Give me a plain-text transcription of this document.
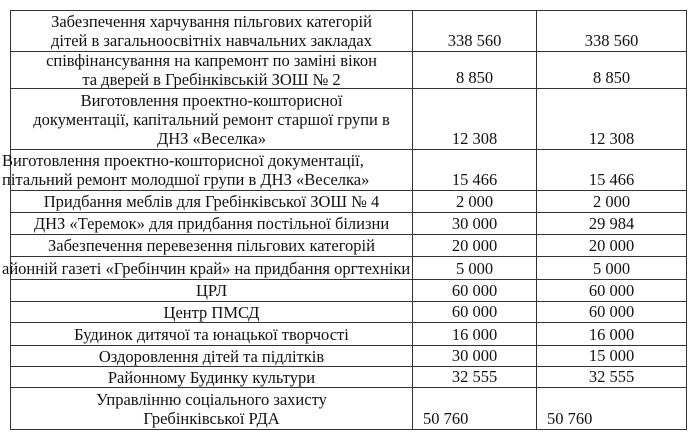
Забезпечення харчування пільгових категорій
дітей в загальноосвітніх навчальних закладах	338 560	338 560
співфінансування на капремонт по заміні вікон
та дверей в Гребінківській ЗОШ № 2	8 850	8 850
Виготовлення проектно-кошторисної
документації, капітальний ремонт старшої групи в
ДНЗ «Веселка»	12 308	12 308
Виготовлення проектно-кошторисної документації,
пітальний ремонт молодшої групи в ДНЗ «Веселка»	15 466	15 466
Придбання меблів для Гребінківської ЗОШ № 4	2 000	2 000
ДНЗ «Теремок» для придбання постільної білизни	30 000	29 984
Забезпечення перевезення пільгових категорій	20 000	20 000
айонній газеті «Гребінчин край» на придбання оргтехніки	5 000	5 000
ЦРЛ	60 000	60 000
Центр ПМСД	60 000	60 000
Будинок дитячої та юнацької творчості	16 000	16 000
Оздоровлення дітей та підлітків	30 000	15 000
Районному Будинку культури	32 555	32 555
Управлінню соціального захисту
Гребінківської РДА	50 760	50 760
